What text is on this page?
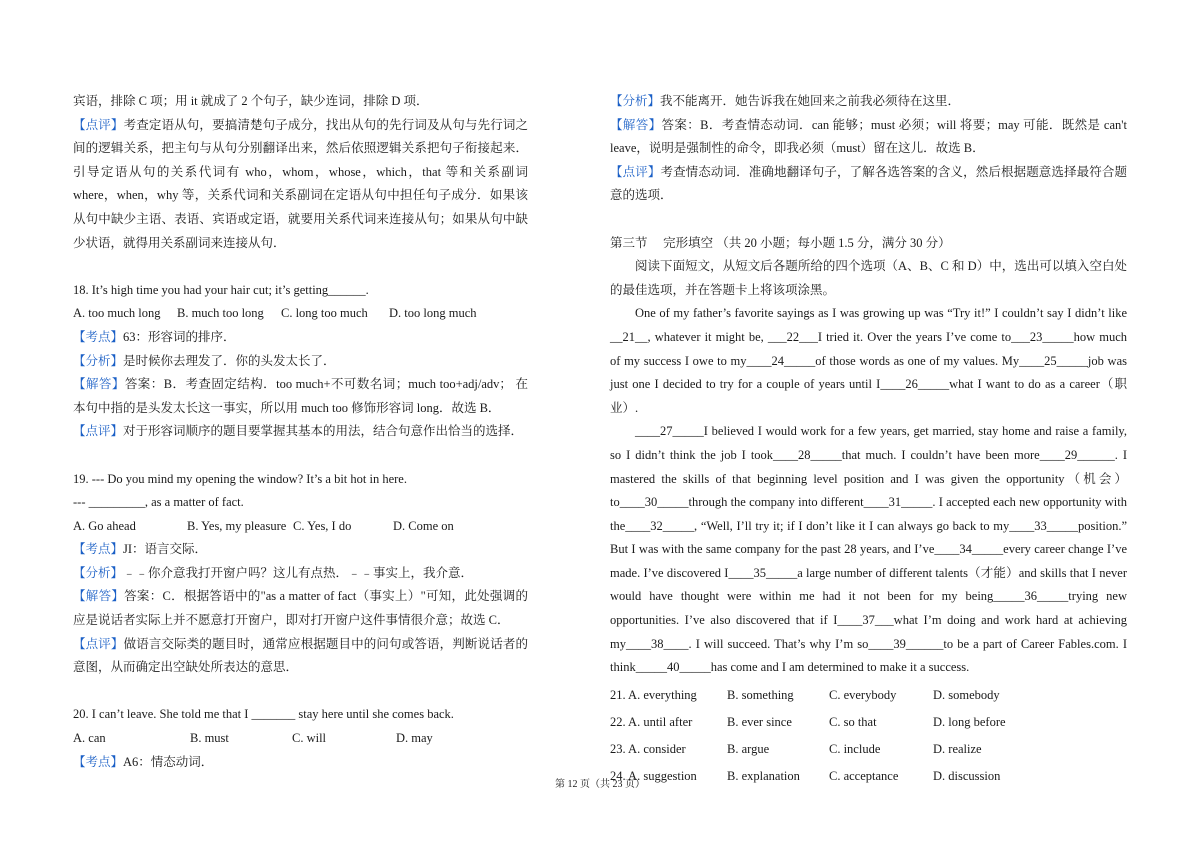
宾语，排除 C 项；用 it 就成了 2 个句子，缺少连词，排除 D 项．

【点评】考查定语从句，要搞清楚句子成分，找出从句的先行词及从句与先行词之间的逻辑关系，把主句与从句分别翻译出来，然后依照逻辑关系把句子衔接起来．引导定语从句的关系代词有 who，whom，whose，which，that 等和关系副词 where，when，why 等，关系代词和关系副词在定语从句中担任句子成分．如果该从句中缺少主语、表语、宾语或定语，就要用关系代词来连接从句；如果从句中缺少状语，就得用关系副词来连接从句．

18. It’s high time you had your hair cut; it’s getting______.

A. too much long	B. much too long	C. long too much	D. too long much

【考点】63：形容词的排序．

【分析】是时候你去理发了．你的头发太长了．

【解答】答案：B．考查固定结构．too much+不可数名词；much too+adj/adv； 在本句中指的是头发太长这一事实，所以用 much too 修饰形容词 long．故选 B．

【点评】对于形容词顺序的题目要掌握其基本的用法，结合句意作出恰当的选择．

19. --- Do you mind my opening the window? It’s a bit hot in here.

--- _________, as a matter of fact.

A. Go ahead	B. Yes, my pleasure C. Yes, I do	D. Come on

【考点】JI：语言交际．

【分析】﹣﹣你介意我打开窗户吗？这儿有点热．﹣﹣事实上，我介意．

【解答】答案：C．根据答语中的"as a matter of fact（事实上）"可知，此处强调的应是说话者实际上并不愿意打开窗户，即对打开窗户这件事情很介意；故选 C．

【点评】做语言交际类的题目时，通常应根据题目中的问句或答语，判断说话者的意图，从而确定出空缺处所表达的意思．

20. I can’t leave. She told me that I _______ stay here until she comes back.

A. can	B. must	C. will	D. may

【考点】A6：情态动词．

【分析】我不能离开．她告诉我在她回来之前我必须待在这里．

【解答】答案：B．考查情态动词．can 能够；must 必须；will 将要；may 可能．既然是 can't leave，说明是强制性的命令，即我必须（must）留在这儿．故选 B．

【点评】考查情态动词．准确地翻译句子，了解各选答案的含义，然后根据题意选择最符合题意的选项．

第三节　 完形填空 （共 20 小题；每小题 1.5 分，满分 30 分）

阅读下面短文，从短文后各题所给的四个选项（A、B、C 和 D）中，选出可以填入空白处的最佳选项，并在答题卡上将该项涂黑。

One of my father’s favorite sayings as I was growing up was “Try it!” I couldn’t say I didn’t like __21__, whatever it might be, ___22___I tried it. Over the years I’ve come to___23_____how much of my success I owe to my____24_____of those words as one of my values. My____25_____job was just one I decided to try for a couple of years until I____26_____what I want to do as a career（职业）.

____27_____I believed I would work for a few years, get married, stay home and raise a family, so I didn’t think the job I took____28_____that much. I couldn’t have been more____29______. I mastered the skills of that beginning level position and I was given the opportunity（机会）to____30_____through the company into different____31_____. I accepted each new opportunity with the____32_____, “Well, I’ll try it; if I don’t like it I can always go back to my____33_____position.” But I was with the same company for the past 28 years, and I’ve____34_____every career change I’ve made. I’ve discovered I____35_____a large number of different talents（才能）and skills that I never would have thought were within me had it not been for my being_____36_____trying new opportunities. I’ve also discovered that if I____37___what I’m doing and work hard at achieving my____38____. I will succeed. That’s why I’m so____39______to be a part of Career Fables.com. I think_____40_____has come and I am determined to make it a success.

21. A. everything	B. something	C. everybody	D. somebody
22. A. until after	B. ever since	C. so that	D. long before
23. A. consider	B. argue	C. include	D. realize
24. A. suggestion	B. explanation	C. acceptance	D. discussion
第 12 页（共 23 页）
